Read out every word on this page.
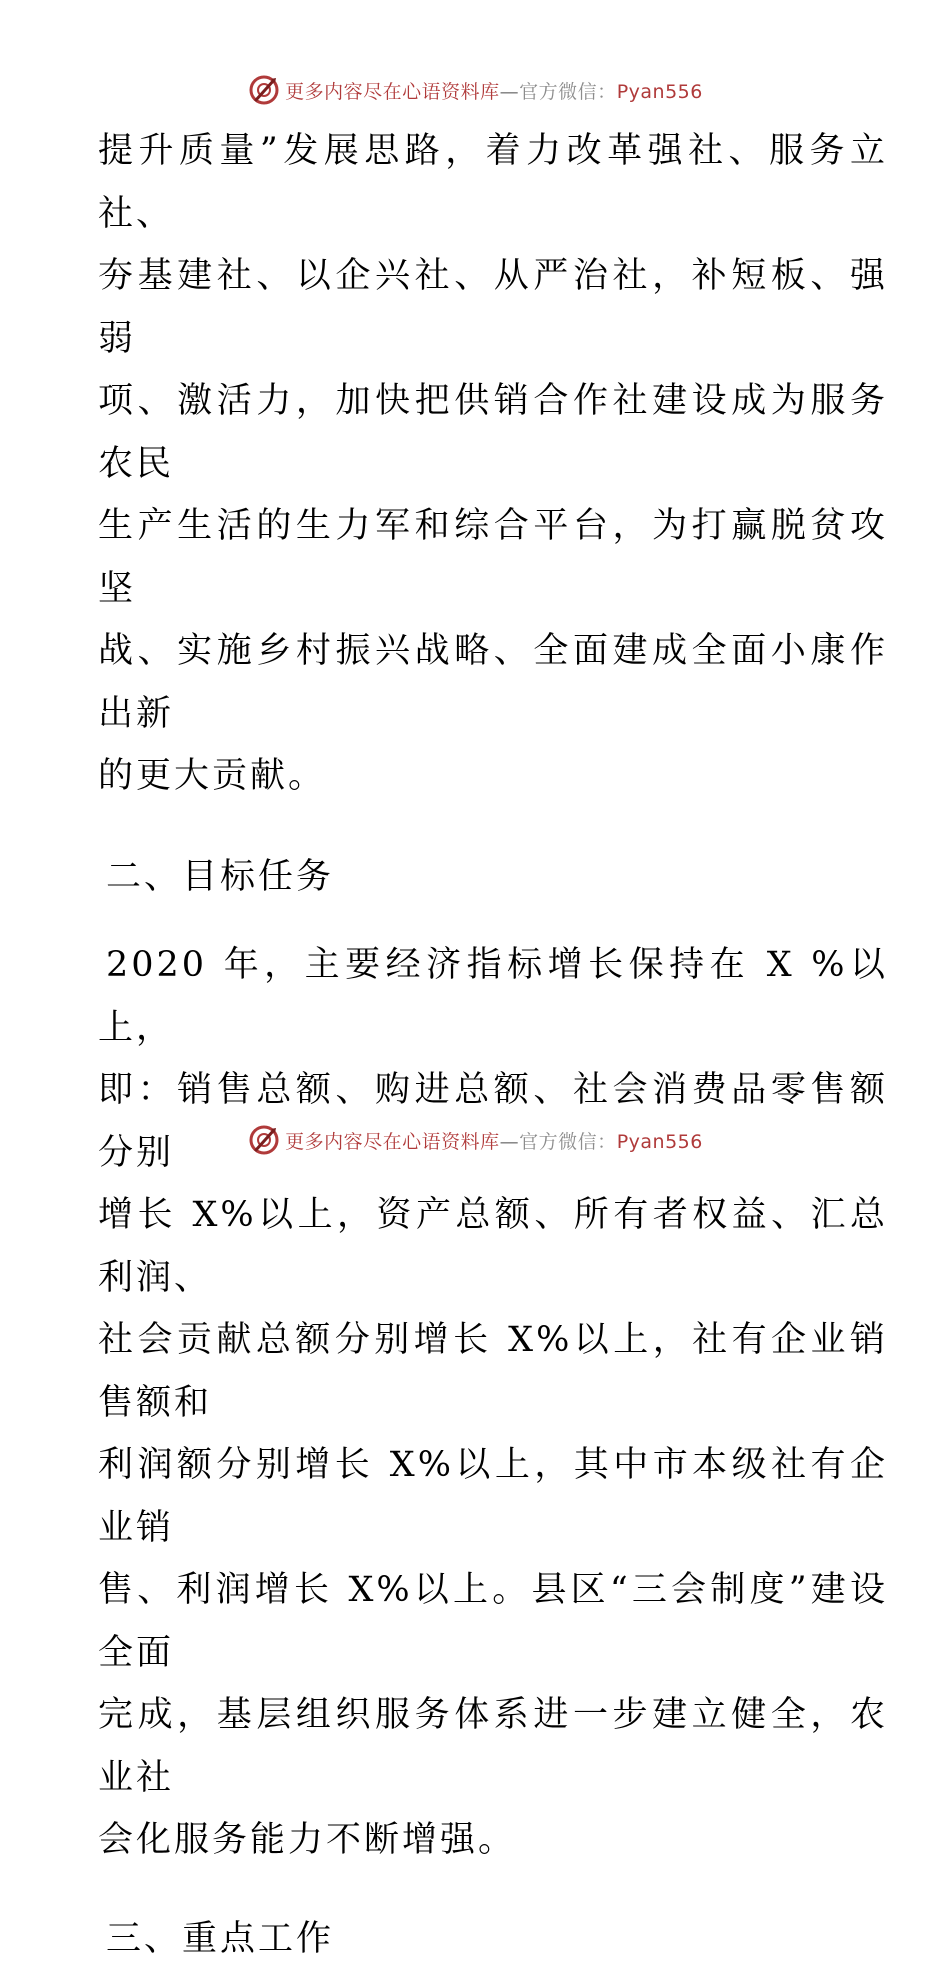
更多内容尽在心语资料库—官方微信：Pyan556

提升质量”发展思路，着力改革强社、服务立社、
夯基建社、以企兴社、从严治社，补短板、强弱
项、激活力，加快把供销合作社建设成为服务农民
生产生活的生力军和综合平台，为打赢脱贫攻坚
战、实施乡村振兴战略、全面建成全面小康作出新
的更大贡献。

二、目标任务

2020 年，主要经济指标增长保持在 X %以上，
即：销售总额、购进总额、社会消费品零售额分别
增长 X%以上，资产总额、所有者权益、汇总利润、
社会贡献总额分别增长 X%以上，社有企业销售额和
利润额分别增长 X%以上，其中市本级社有企业销
售、利润增长 X%以上。县区“三会制度”建设全面
完成，基层组织服务体系进一步建立健全，农业社
会化服务能力不断增强。

三、重点工作

更多内容尽在心语资料库—官方微信：Pyan556
